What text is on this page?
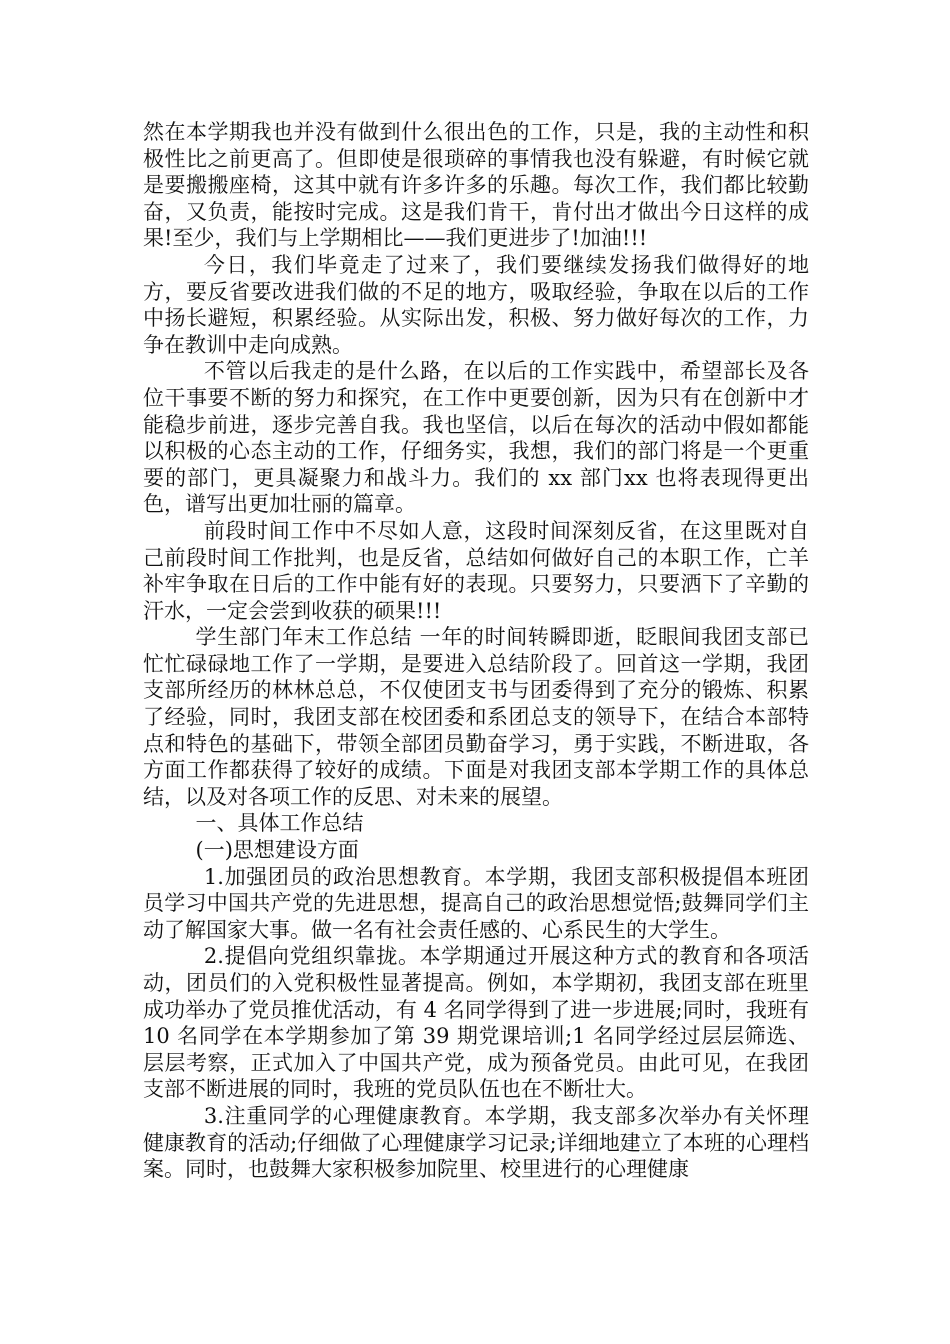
然在本学期我也并没有做到什么很出色的工作，只是，我的主动性和积极性比之前更高了。但即使是很琐碎的事情我也没有躲避，有时候它就是要搬搬座椅，这其中就有许多许多的乐趣。每次工作，我们都比较勤奋，又负责，能按时完成。这是我们肯干，肯付出才做出今日这样的成果!至少，我们与上学期相比——我们更进步了!加油!!!

今日，我们毕竟走了过来了，我们要继续发扬我们做得好的地方，要反省要改进我们做的不足的地方，吸取经验，争取在以后的工作中扬长避短，积累经验。从实际出发，积极、努力做好每次的工作，力争在教训中走向成熟。

不管以后我走的是什么路，在以后的工作实践中，希望部长及各位干事要不断的努力和探究，在工作中更要创新，因为只有在创新中才能稳步前进，逐步完善自我。我也坚信，以后在每次的活动中假如都能以积极的心态主动的工作，仔细务实，我想，我们的部门将是一个更重要的部门，更具凝聚力和战斗力。我们的 xx 部门xx 也将表现得更出色，谱写出更加壮丽的篇章。

前段时间工作中不尽如人意，这段时间深刻反省，在这里既对自己前段时间工作批判，也是反省，总结如何做好自己的本职工作，亡羊补牢争取在日后的工作中能有好的表现。只要努力，只要洒下了辛勤的汗水，一定会尝到收获的硕果!!!

学生部门年末工作总结 一年的时间转瞬即逝，眨眼间我团支部已忙忙碌碌地工作了一学期，是要进入总结阶段了。回首这一学期，我团支部所经历的林林总总，不仅使团支书与团委得到了充分的锻炼、积累了经验，同时，我团支部在校团委和系团总支的领导下，在结合本部特点和特色的基础下，带领全部团员勤奋学习，勇于实践，不断进取，各方面工作都获得了较好的成绩。下面是对我团支部本学期工作的具体总结，以及对各项工作的反思、对未来的展望。

一、具体工作总结

(一)思想建设方面

1.加强团员的政治思想教育。本学期，我团支部积极提倡本班团员学习中国共产党的先进思想，提高自己的政治思想觉悟;鼓舞同学们主动了解国家大事。做一名有社会责任感的、心系民生的大学生。

2.提倡向党组织靠拢。本学期通过开展这种方式的教育和各项活动，团员们的入党积极性显著提高。例如，本学期初，我团支部在班里成功举办了党员推优活动，有 4 名同学得到了进一步进展;同时，我班有 10 名同学在本学期参加了第 39 期党课培训;1 名同学经过层层筛选、层层考察，正式加入了中国共产党，成为预备党员。由此可见，在我团支部不断进展的同时，我班的党员队伍也在不断壮大。

3.注重同学的心理健康教育。本学期，我支部多次举办有关怀理健康教育的活动;仔细做了心理健康学习记录;详细地建立了本班的心理档案。同时，也鼓舞大家积极参加院里、校里进行的心理健康
